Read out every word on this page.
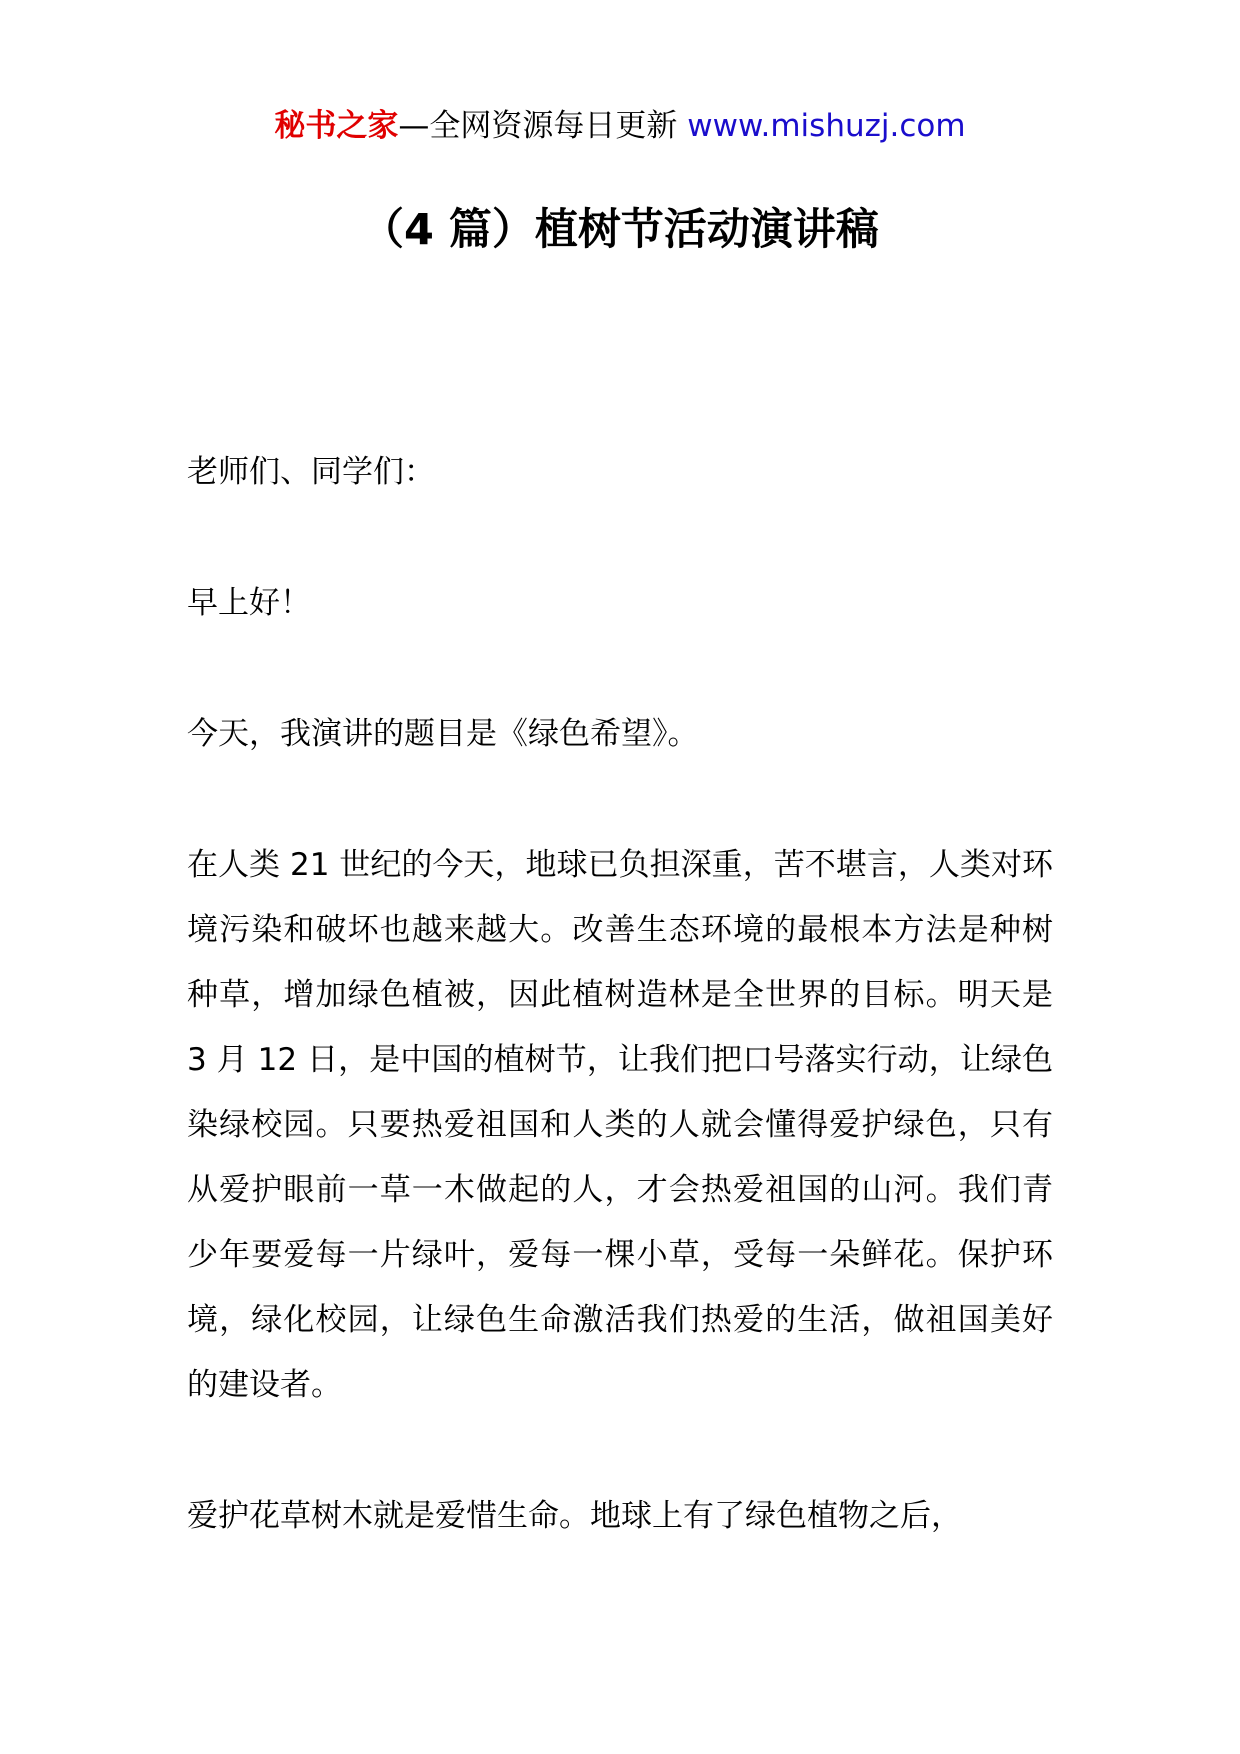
秘书之家—全网资源每日更新 www.mishuzj.com
（4 篇）植树节活动演讲稿

老师们、同学们：

早上好！

今天，我演讲的题目是《绿色希望》。

在人类 21 世纪的今天，地球已负担深重，苦不堪言，人类对环境污染和破坏也越来越大。改善生态环境的最根本方法是种树种草，增加绿色植被，因此植树造林是全世界的目标。明天是 3 月 12 日，是中国的植树节，让我们把口号落实行动，让绿色染绿校园。只要热爱祖国和人类的人就会懂得爱护绿色，只有从爱护眼前一草一木做起的人，才会热爱祖国的山河。我们青少年要爱每一片绿叶，爱每一棵小草，受每一朵鲜花。保护环境，绿化校园，让绿色生命激活我们热爱的生活，做祖国美好的建设者。

爱护花草树木就是爱惜生命。地球上有了绿色植物之后，
